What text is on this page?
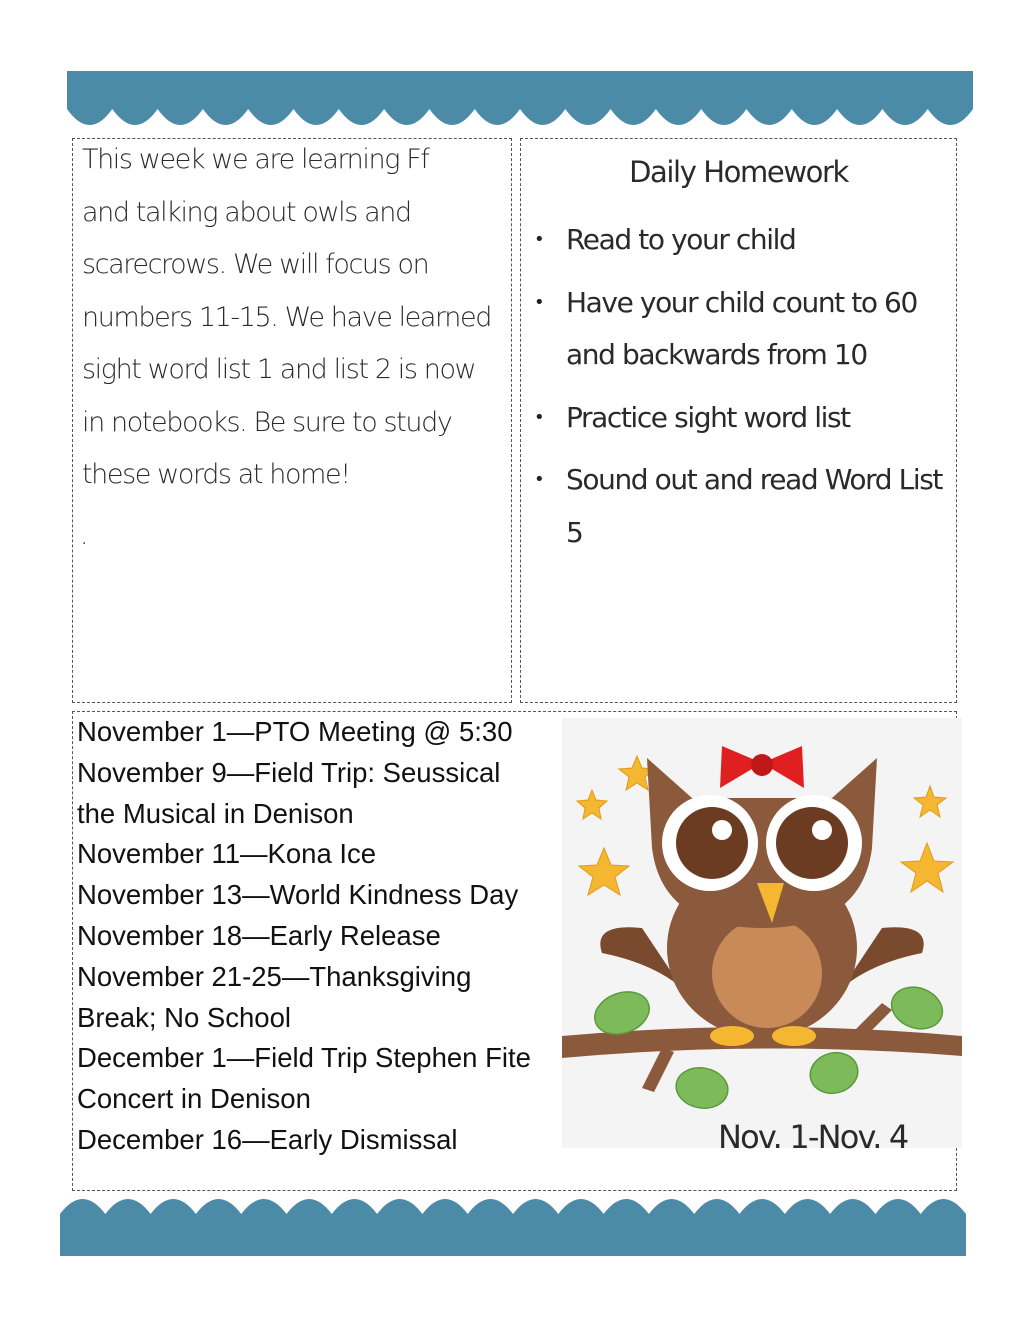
This week we are learning Ff
and talking about owls and
scarecrows. We will focus on
numbers 11-15. We have learned
sight word list 1 and list 2 is now
in notebooks. Be sure to study
these words at home!
.
Daily Homework
• Read to your child
• Have your child count to 60 and backwards from 10
• Practice sight word list
• Sound out and read Word List 5
November 1—PTO Meeting @ 5:30
November 9—Field Trip: Seussical
the Musical in Denison
November 11—Kona Ice
November 13—World Kindness Day
November 18—Early Release
November 21-25—Thanksgiving
Break; No School
December 1—Field Trip Stephen Fite
Concert in Denison
December 16—Early Dismissal	Nov. 1-Nov. 4
